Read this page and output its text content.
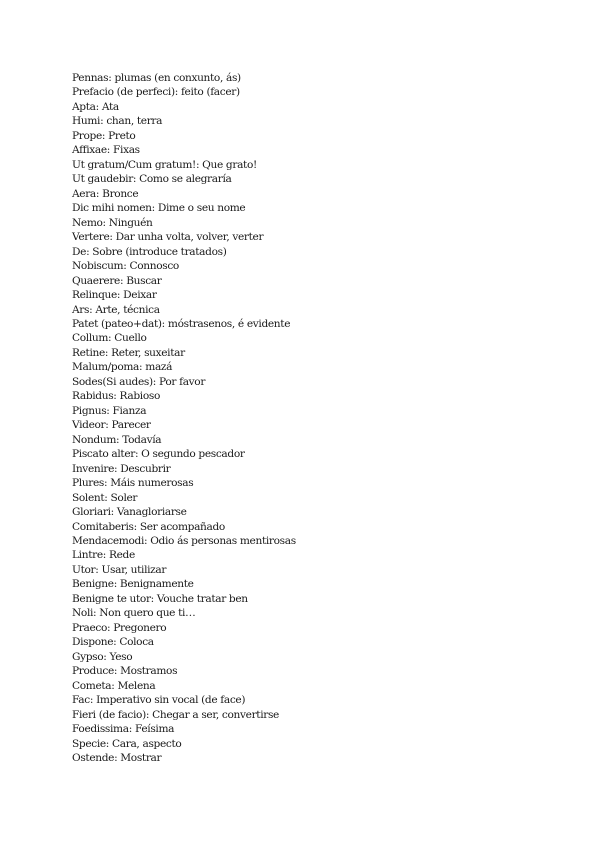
Pennas: plumas (en conxunto, ás)
Prefacio (de perfeci): feito (facer)
Apta: Ata
Humi: chan, terra
Prope: Preto
Affixae: Fixas
Ut gratum/Cum gratum!: Que grato!
Ut gaudebir: Como se alegraría
Aera: Bronce
Dic mihi nomen: Dime o seu nome
Nemo: Ninguén
Vertere: Dar unha volta, volver, verter
De: Sobre (introduce tratados)
Nobiscum: Connosco
Quaerere: Buscar
Relinque: Deixar
Ars: Arte, técnica
Patet (pateo+dat): móstrasenos, é evidente
Collum: Cuello
Retine: Reter, suxeitar
Malum/poma: mazá
Sodes(Si audes): Por favor
Rabidus: Rabioso
Pignus: Fianza
Videor: Parecer
Nondum: Todavía
Piscato alter: O segundo pescador
Invenire: Descubrir
Plures: Máis numerosas
Solent: Soler
Gloriari: Vanagloriarse
Comitaberis: Ser acompañado
Mendacemodi: Odio ás personas mentirosas
Lintre: Rede
Utor: Usar, utilizar
Benigne: Benignamente
Benigne te utor: Vouche tratar ben
Noli: Non quero que ti…
Praeco: Pregonero
Dispone: Coloca
Gypso: Yeso
Produce: Mostramos
Cometa: Melena
Fac: Imperativo sin vocal (de face)
Fieri (de facio): Chegar a ser, convertirse
Foedissima: Feísima
Specie: Cara, aspecto
Ostende: Mostrar
